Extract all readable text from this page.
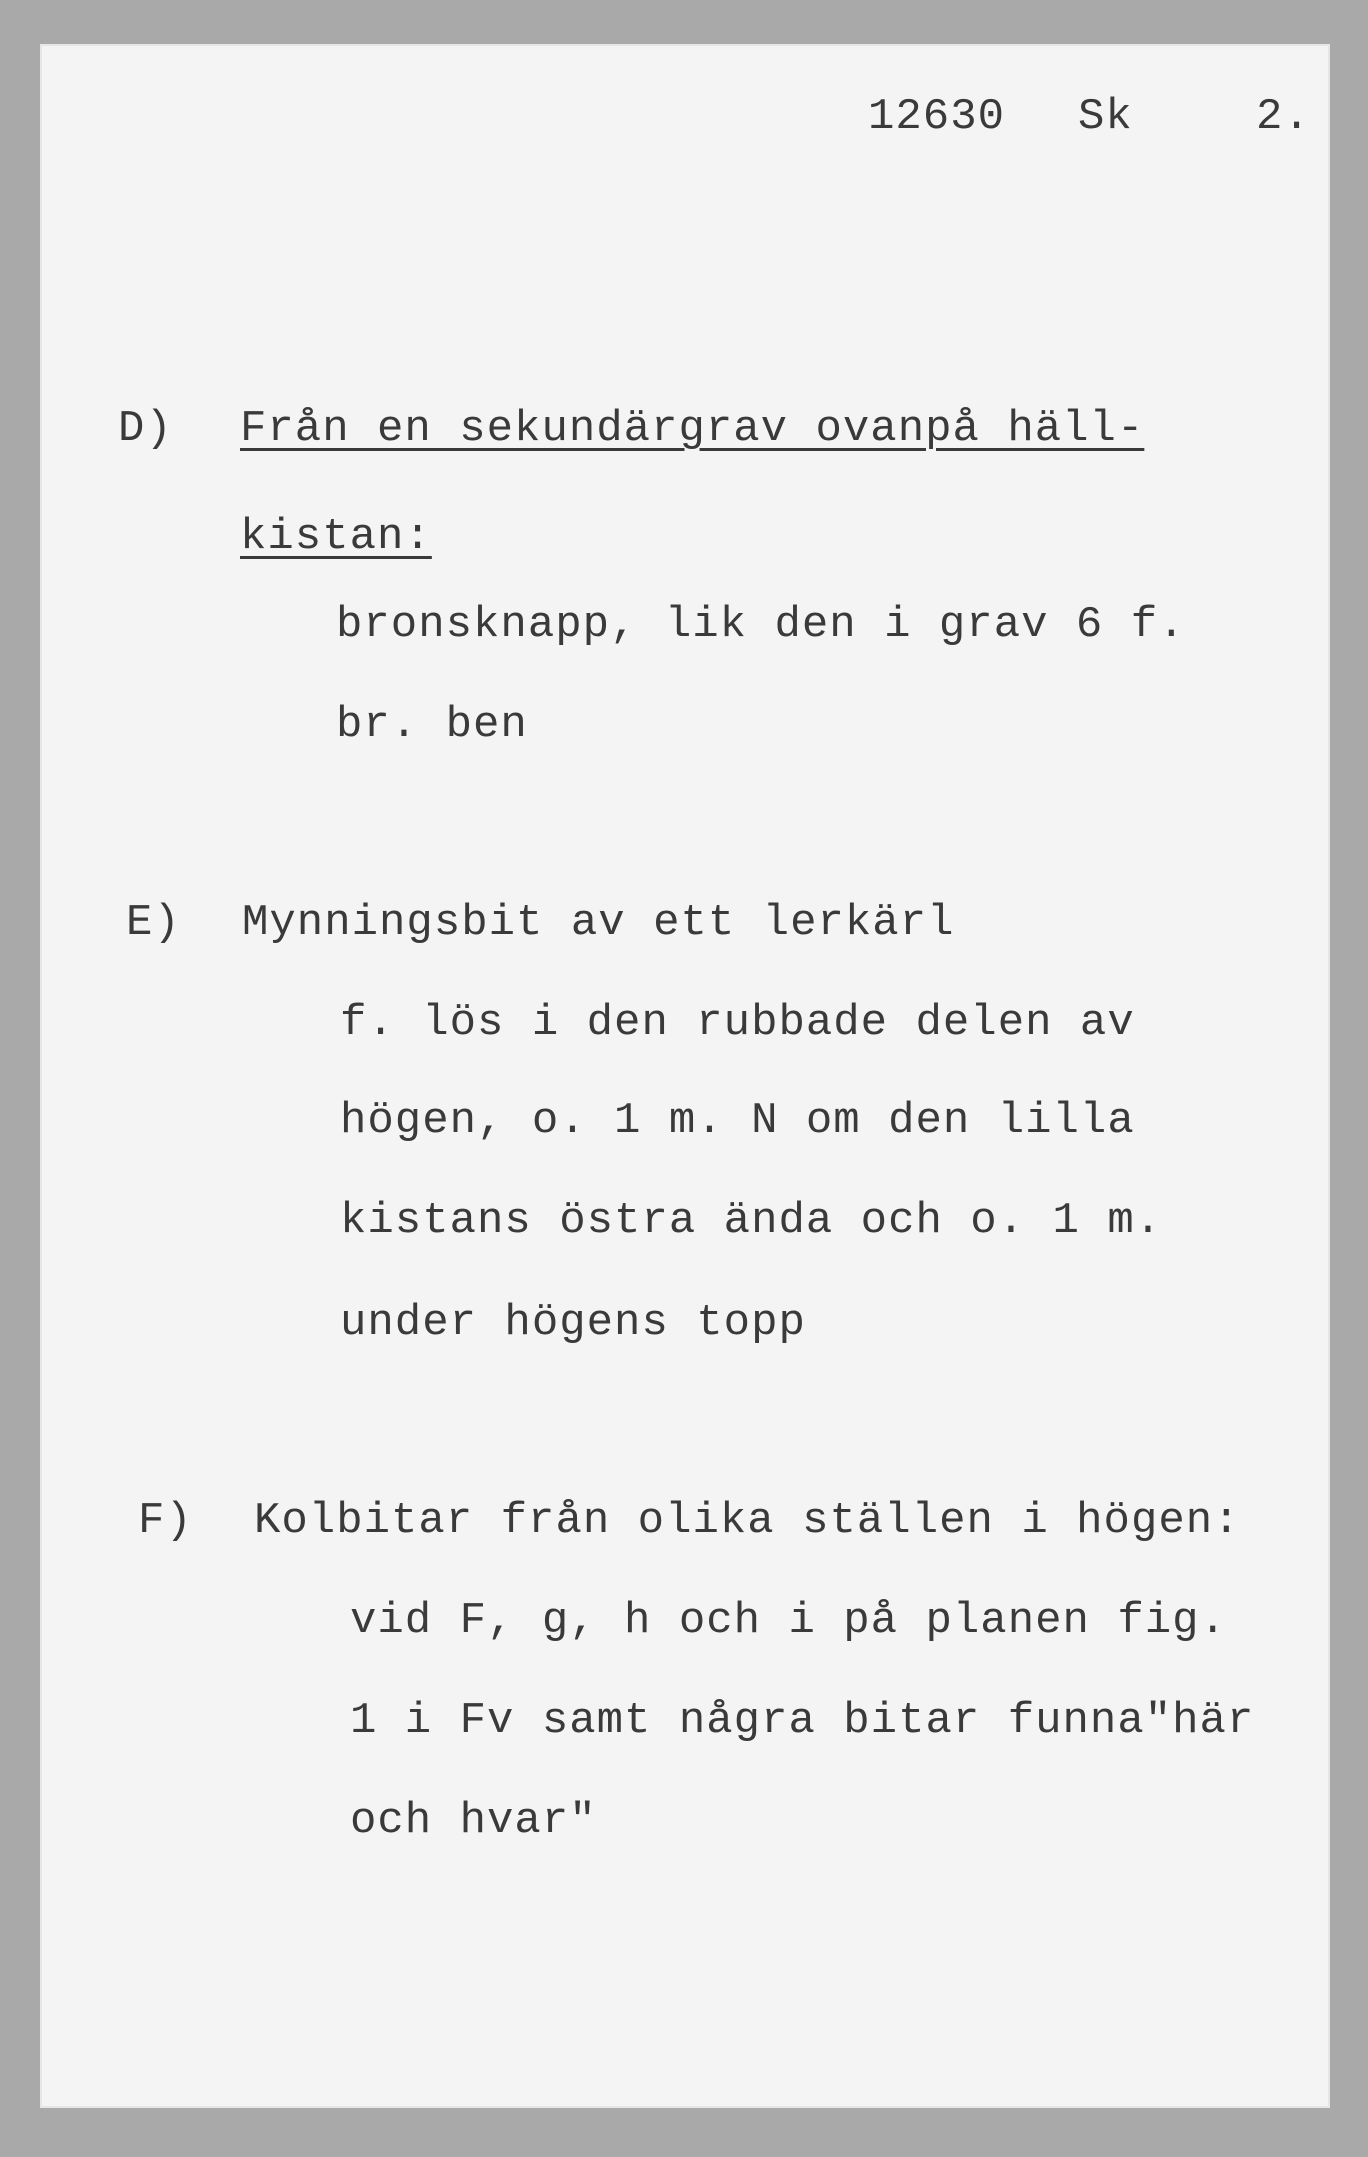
12630 Sk	2.
D) Från en sekundärgrav ovanpå häll-
kistan:
bronsknapp, lik den i grav 6 f.
br. ben
E) Mynningsbit av ett lerkärl
f. lös i den rubbade delen av
högen, o. 1 m. N om den lilla
kistans östra ända och o. 1 m.
under högens topp
F) Kolbitar från olika ställen i högen:
vid F, g, h och i på planen fig.
1 i Fv samt några bitar funna"här
och hvar"
